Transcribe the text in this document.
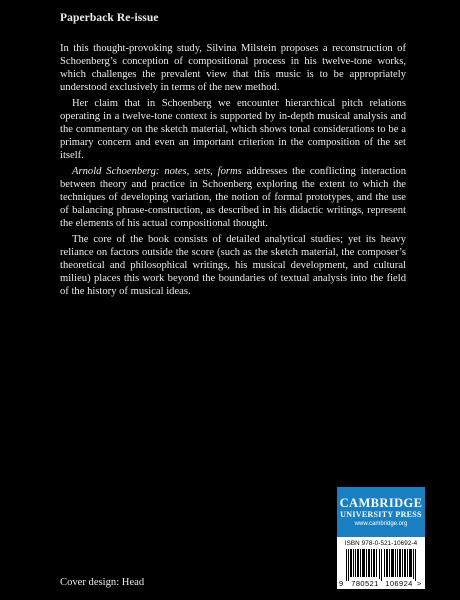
Paperback Re-issue

In this thought-provoking study, Silvina Milstein proposes a reconstruction of Schoenberg’s conception of compositional process in his twelve-tone works, which challenges the prevalent view that this music is to be appropriately understood exclusively in terms of the new method.

Her claim that in Schoenberg we encounter hierarchical pitch relations operating in a twelve-tone context is supported by in-depth musical analysis and the commentary on the sketch material, which shows tonal considerations to be a primary concern and even an important criterion in the composition of the set itself.

Arnold Schoenberg: notes, sets, forms addresses the conflicting interaction between theory and practice in Schoenberg exploring the extent to which the techniques of developing variation, the notion of formal prototypes, and the use of balancing phrase-construction, as described in his didactic writings, represent the elements of his actual compositional thought.

The core of the book consists of detailed analytical studies; yet its heavy reliance on factors outside the score (such as the sketch material, the composer’s theoretical and philosophical writings, his musical development, and cultural milieu) places this work beyond the boundaries of textual analysis into the field of the history of musical ideas.

CAMBRIDGE
UNIVERSITY PRESS
www.cambridge.org
ISBN 978-0-521-10692-4
9 780521 106924 >

Cover design: Head
